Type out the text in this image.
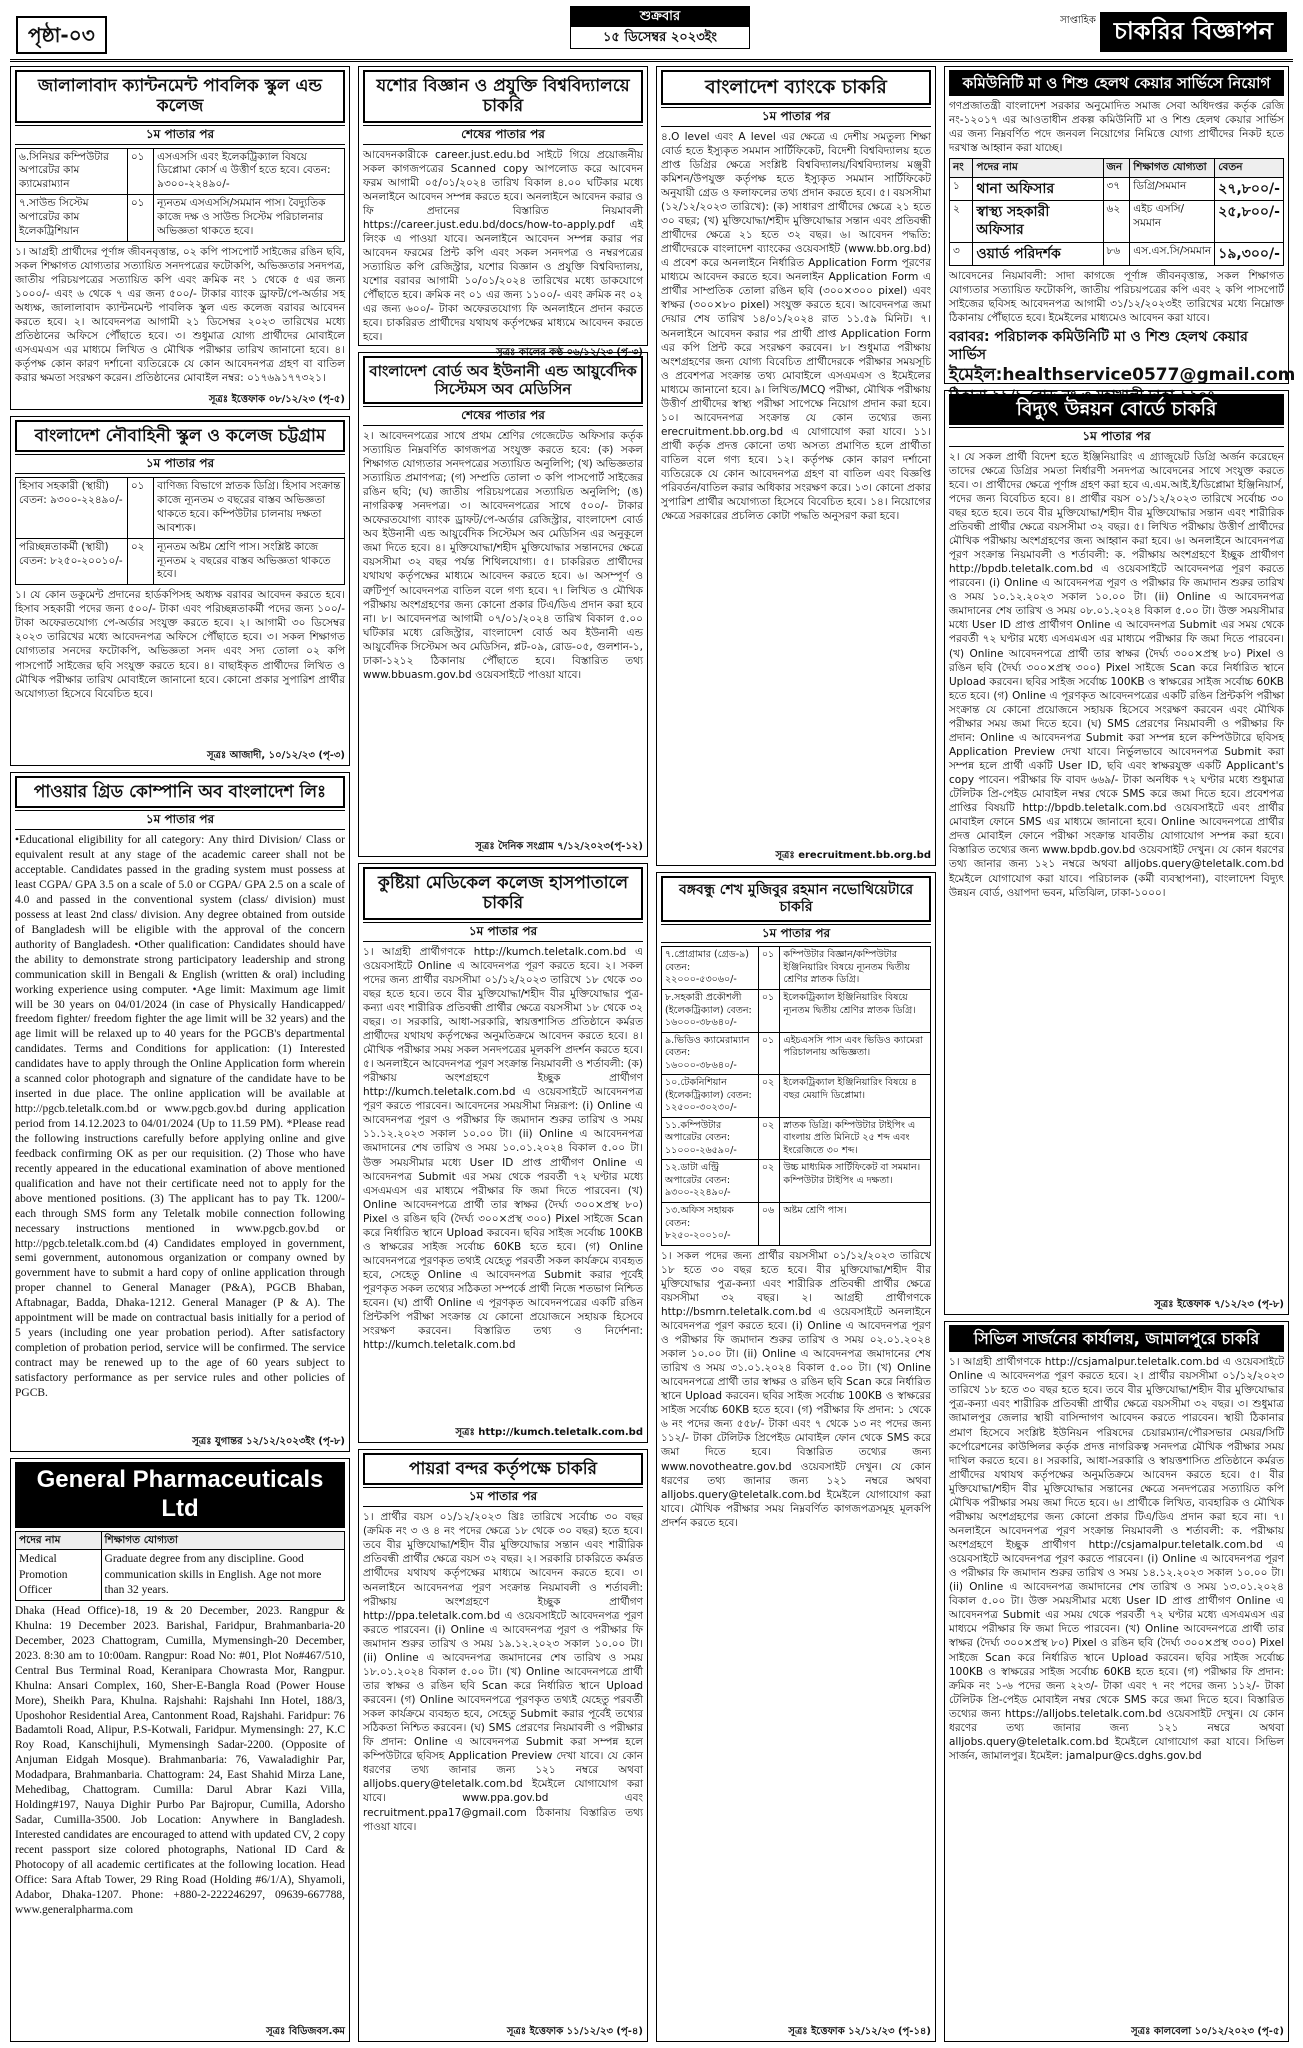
পৃষ্ঠা-০৩
শুক্রবার
১৫ ডিসেম্বর ২০২৩ইং
সাপ্তাহিক চাকরির বিজ্ঞাপন
জালালাবাদ ক্যান্টনমেন্ট পাবলিক স্কুল এন্ড কলেজ
১ম পাতার পর
৬.সিনিয়র কম্পিউটার অপারেটর কাম ক্যামেরাম্যান	০১	এসএসসি এবং ইলেকট্রিক্যাল বিষয়ে ডিপ্লোমা কোর্স এ উত্তীর্ণ হতে হবে। বেতন: ৯৩০০-২২৪৯০/-
৭.সাউন্ড সিস্টেম অপারেটর কাম ইলেকট্রিশিয়ান	০১	ন্যূনতম এসএসসি/সমমান পাস। বৈদ্যুতিক কাজে দক্ষ ও সাউন্ড সিস্টেম পরিচালনার অভিজ্ঞতা থাকতে হবে।
১। আগ্রহী প্রার্থীদের পূর্ণাঙ্গ জীবনবৃত্তান্ত, ০২ কপি পাসপোর্ট সাইজের রঙিন ছবি, সকল শিক্ষাগত যোগ্যতার সত্যায়িত সনদপত্রের ফটোকপি, অভিজ্ঞতার সনদপত্র, জাতীয় পরিচয়পত্রের সত্যায়িত কপি এবং ক্রমিক নং ১ থেকে ৫ এর জন্য ১০০০/- এবং ৬ থেকে ৭ এর জন্য ৫০০/- টাকার ব্যাংক ড্রাফট/পে-অর্ডার সহ অধ্যক্ষ, জালালাবাদ ক্যান্টনমেন্ট পাবলিক স্কুল এন্ড কলেজ বরাবর আবেদন করতে হবে। ২। আবেদনপত্র আগামী ২১ ডিসেম্বর ২০২৩ তারিখের মধ্যে প্রতিষ্ঠানের অফিসে পৌঁছাতে হবে। ৩। শুধুমাত্র যোগ্য প্রার্থীদের মোবাইলে এসএমএস এর মাধ্যমে লিখিত ও মৌখিক পরীক্ষার তারিখ জানানো হবে। ৪। কর্তৃপক্ষ কোন কারণ দর্শানো ব্যতিরেকে যে কোন আবেদনপত্র গ্রহণ বা বাতিল করার ক্ষমতা সংরক্ষণ করেন। প্রতিষ্ঠানের মোবাইল নম্বর: ০১৭৬৯১৭৭৩২১।
সূত্রঃ ইত্তেফাক ০৮/১২/২৩ (পৃ-৫)
বাংলাদেশ নৌবাহিনী স্কুল ও কলেজ চট্টগ্রাম
১ম পাতার পর
হিসাব সহকারী (স্থায়ী) বেতন: ৯৩০০-২২৪৯০/-	০১	বাণিজ্য বিভাগে স্নাতক ডিগ্রি। হিসাব সংক্রান্ত কাজে ন্যূনতম ৩ বছরের বাস্তব অভিজ্ঞতা থাকতে হবে। কম্পিউটার চালনায় দক্ষতা আবশ্যক।
পরিচ্ছন্নতাকর্মী (স্থায়ী) বেতন: ৮২৫০-২০০১০/-	০২	ন্যূনতম অষ্টম শ্রেণি পাস। সংশ্লিষ্ট কাজে ন্যূনতম ২ বছরের বাস্তব অভিজ্ঞতা থাকতে হবে।
১। যে কোন ডকুমেন্ট প্রদানের হার্ডকপিসহ অধ্যক্ষ বরাবর আবেদন করতে হবে। হিসাব সহকারী পদের জন্য ৫০০/- টাকা এবং পরিচ্ছন্নতাকর্মী পদের জন্য ১০০/- টাকা অফেরতযোগ্য পে-অর্ডার সংযুক্ত করতে হবে। ২। আগামী ৩০ ডিসেম্বর ২০২৩ তারিখের মধ্যে আবেদনপত্র অফিসে পৌঁছাতে হবে। ৩। সকল শিক্ষাগত যোগ্যতার সনদের ফটোকপি, অভিজ্ঞতা সনদ এবং সদ্য তোলা ০২ কপি পাসপোর্ট সাইজের ছবি সংযুক্ত করতে হবে। ৪। বাছাইকৃত প্রার্থীদের লিখিত ও মৌখিক পরীক্ষার তারিখ মোবাইলে জানানো হবে। কোনো প্রকার সুপারিশ প্রার্থীর অযোগ্যতা হিসেবে বিবেচিত হবে।
সূত্রঃ আজাদী, ১০/১২/২৩ (পৃ-৩)
পাওয়ার গ্রিড কোম্পানি অব বাংলাদেশ লিঃ
১ম পাতার পর
•Educational eligibility for all category: Any third Division/ Class or equivalent result at any stage of the academic career shall not be acceptable. Candidates passed in the grading system must possess at least CGPA/ GPA 3.5 on a scale of 5.0 or CGPA/ GPA 2.5 on a scale of 4.0 and passed in the conventional system (class/ division) must possess at least 2nd class/ division. Any degree obtained from outside of Bangladesh will be eligible with the approval of the concern authority of Bangladesh. •Other qualification: Candidates should have the ability to demonstrate strong participatory leadership and strong communication skill in Bengali & English (written & oral) including working experience using computer. •Age limit: Maximum age limit will be 30 years on 04/01/2024 (in case of Physically Handicapped/ freedom fighter/ freedom fighter the age limit will be 32 years) and the age limit will be relaxed up to 40 years for the PGCB's departmental candidates. Terms and Conditions for application: (1) Interested candidates have to apply through the Online Application form wherein a scanned color photograph and signature of the candidate have to be inserted in due place. The online application will be available at http://pgcb.teletalk.com.bd or www.pgcb.gov.bd during application period from 14.12.2023 to 04/01/2024 (Up to 11.59 PM). *Please read the following instructions carefully before applying online and give feedback confirming OK as per our requisition. (2) Those who have recently appeared in the educational examination of above mentioned qualification and have not their certificate need not to apply for the above mentioned positions. (3) The applicant has to pay Tk. 1200/- each through SMS form any Teletalk mobile connection following necessary instructions mentioned in www.pgcb.gov.bd or http://pgcb.teletalk.com.bd (4) Candidates employed in government, semi government, autonomous organization or company owned by government have to submit a hard copy of online application through proper channel to General Manager (P&A), PGCB Bhaban, Aftabnagar, Badda, Dhaka-1212. General Manager (P & A). The appointment will be made on contractual basis initially for a period of 5 years (including one year probation period). After satisfactory completion of probation period, service will be confirmed. The service contract may be renewed up to the age of 60 years subject to satisfactory performance as per service rules and other policies of PGCB.
সূত্রঃ যুগান্তর ১২/১২/২০২৩ইং (পৃ-৮)
General Pharmaceuticals Ltd
পদের নাম	শিক্ষাগত যোগ্যতা
Medical Promotion Officer	Graduate degree from any discipline. Good communication skills in English. Age not more than 32 years.
Dhaka (Head Office)-18, 19 & 20 December, 2023. Rangpur & Khulna: 19 December 2023. Barishal, Faridpur, Brahmanbaria-20 December, 2023 Chattogram, Cumilla, Mymensingh-20 December, 2023. 8:30 am to 10:00am. Rangpur: Road No: #01, Plot No#467/510, Central Bus Terminal Road, Keranipara Chowrasta Mor, Rangpur. Khulna: Ansari Complex, 160, Sher-E-Bangla Road (Power House More), Sheikh Para, Khulna. Rajshahi: Rajshahi Inn Hotel, 188/3, Uposhohor Residential Area, Cantonment Road, Rajshahi. Faridpur: 76 Badamtoli Road, Alipur, P.S-Kotwali, Faridpur. Mymensingh: 27, K.C Roy Road, Kanschijhuli, Mymensingh Sadar-2200. (Opposite of Anjuman Eidgah Mosque). Brahmanbaria: 76, Vawaladighir Par, Modadpara, Brahmanbaria. Chattogram: 24, East Shahid Mirza Lane, Mehedibag, Chattogram. Cumilla: Darul Abrar Kazi Villa, Holding#197, Nauya Dighir Purbo Par Bajropur, Cumilla, Adorsho Sadar, Cumilla-3500. Job Location: Anywhere in Bangladesh. Interested candidates are encouraged to attend with updated CV, 2 copy recent passport size colored photographs, National ID Card & Photocopy of all academic certificates at the following location. Head Office: Sara Aftab Tower, 29 Ring Road (Holding #6/1/A), Shyamoli, Adabor, Dhaka-1207. Phone: +880-2-222246297, 09639-667788, www.generalpharma.com
সূত্রঃ বিডিজবস.কম
যশোর বিজ্ঞান ও প্রযুক্তি বিশ্ববিদ্যালয়ে চাকরি
শেষের পাতার পর
আবেদনকারীকে career.just.edu.bd সাইটে গিয়ে প্রয়োজনীয় সকল কাগজপত্রের Scanned copy আপলোড করে আবেদন ফরম আগামী ০৫/০১/২০২৪ তারিখ বিকাল ৪.০০ ঘটিকার মধ্যে অনলাইনে আবেদন সম্পন্ন করতে হবে। অনলাইনে আবেদন করার ও ফি প্রদানের বিস্তারিত নিয়মাবলী https://career.just.edu.bd/docs/how-to-apply.pdf এই লিংক এ পাওয়া যাবে। অনলাইনে আবেদন সম্পন্ন করার পর আবেদন ফরমের প্রিন্ট কপি এবং সকল সনদপত্র ও নম্বরপত্রের সত্যায়িত কপি রেজিস্ট্রার, যশোর বিজ্ঞান ও প্রযুক্তি বিশ্ববিদ্যালয়, যশোর বরাবর আগামী ১০/০১/২০২৪ তারিখের মধ্যে ডাকযোগে পৌঁছাতে হবে। ক্রমিক নং ০১ এর জন্য ১১০০/- এবং ক্রমিক নং ০২ এর জন্য ৬০০/- টাকা অফেরতযোগ্য ফি অনলাইনে প্রদান করতে হবে। চাকরিরত প্রার্থীদের যথাযথ কর্তৃপক্ষের মাধ্যমে আবেদন করতে হবে।
সূত্রঃ কালের কণ্ঠ ০৬/১২/২৩ (পৃ-৩)
বাংলাদেশ বোর্ড অব ইউনানী এন্ড আয়ুর্বেদিক সিস্টেমস অব মেডিসিন
শেষের পাতার পর
২। আবেদনপত্রের সাথে প্রথম শ্রেণির গেজেটেড অফিসার কর্তৃক সত্যায়িত নিম্নবর্ণিত কাগজপত্র সংযুক্ত করতে হবে: (ক) সকল শিক্ষাগত যোগ্যতার সনদপত্রের সত্যায়িত অনুলিপি; (খ) অভিজ্ঞতার সত্যায়িত প্রমাণপত্র; (গ) সম্প্রতি তোলা ৩ কপি পাসপোর্ট সাইজের রঙিন ছবি; (ঘ) জাতীয় পরিচয়পত্রের সত্যায়িত অনুলিপি; (ঙ) নাগরিকত্ব সনদপত্র। ৩। আবেদনপত্রের সাথে ৫০০/- টাকার অফেরতযোগ্য ব্যাংক ড্রাফট/পে-অর্ডার রেজিস্ট্রার, বাংলাদেশ বোর্ড অব ইউনানী এন্ড আয়ুর্বেদিক সিস্টেমস অব মেডিসিন এর অনুকূলে জমা দিতে হবে। ৪। মুক্তিযোদ্ধা/শহীদ মুক্তিযোদ্ধার সন্তানদের ক্ষেত্রে বয়সসীমা ৩২ বছর পর্যন্ত শিথিলযোগ্য। ৫। চাকরিরত প্রার্থীদের যথাযথ কর্তৃপক্ষের মাধ্যমে আবেদন করতে হবে। ৬। অসম্পূর্ণ ও ত্রুটিপূর্ণ আবেদনপত্র বাতিল বলে গণ্য হবে। ৭। লিখিত ও মৌখিক পরীক্ষায় অংশগ্রহণের জন্য কোনো প্রকার টিএ/ডিএ প্রদান করা হবে না। ৮। আবেদনপত্র আগামী ০৭/০১/২০২৪ তারিখ বিকাল ৫.০০ ঘটিকার মধ্যে রেজিস্ট্রার, বাংলাদেশ বোর্ড অব ইউনানী এন্ড আয়ুর্বেদিক সিস্টেমস অব মেডিসিন, প্লট-০৯, রোড-০৫, গুলশান-১, ঢাকা-১২১২ ঠিকানায় পৌঁছাতে হবে। বিস্তারিত তথ্য www.bbuasm.gov.bd ওয়েবসাইটে পাওয়া যাবে।
সূত্রঃ দৈনিক সংগ্রাম ৭/১২/২০২৩(পৃ-১২)
কুষ্টিয়া মেডিকেল কলেজ হাসপাতালে চাকরি
১ম পাতার পর
১। আগ্রহী প্রার্থীগণকে http://kumch.teletalk.com.bd এ ওয়েবসাইটে Online এ আবেদনপত্র পূরণ করতে হবে। ২। সকল পদের জন্য প্রার্থীর বয়সসীমা ০১/১২/২০২৩ তারিখে ১৮ থেকে ৩০ বছর হতে হবে। তবে বীর মুক্তিযোদ্ধা/শহীদ বীর মুক্তিযোদ্ধার পুত্র-কন্যা এবং শারীরিক প্রতিবন্ধী প্রার্থীর ক্ষেত্রে বয়সসীমা ১৮ থেকে ৩২ বছর। ৩। সরকারি, আধা-সরকারি, স্বায়ত্তশাসিত প্রতিষ্ঠানে কর্মরত প্রার্থীদের যথাযথ কর্তৃপক্ষের অনুমতিক্রমে আবেদন করতে হবে। ৪। মৌখিক পরীক্ষার সময় সকল সনদপত্রের মূলকপি প্রদর্শন করতে হবে। ৫। অনলাইনে আবেদনপত্র পূরণ সংক্রান্ত নিয়মাবলী ও শর্তাবলী: (ক) পরীক্ষায় অংশগ্রহণে ইচ্ছুক প্রার্থীগণ http://kumch.teletalk.com.bd এ ওয়েবসাইটে আবেদনপত্র পূরণ করতে পারবেন। আবেদনের সময়সীমা নিম্নরূপ: (i) Online এ আবেদনপত্র পূরণ ও পরীক্ষার ফি জমাদান শুরুর তারিখ ও সময় ১১.১২.২০২৩ সকাল ১০.০০ টা। (ii) Online এ আবেদনপত্র জমাদানের শেষ তারিখ ও সময় ১০.০১.২০২৪ বিকাল ৫.০০ টা। উক্ত সময়সীমার মধ্যে User ID প্রাপ্ত প্রার্থীগণ Online এ আবেদনপত্র Submit এর সময় থেকে পরবর্তী ৭২ ঘণ্টার মধ্যে এসএমএস এর মাধ্যমে পরীক্ষার ফি জমা দিতে পারবেন। (খ) Online আবেদনপত্রে প্রার্থী তার স্বাক্ষর (দৈর্ঘ্য ৩০০×প্রস্থ ৮০) Pixel ও রঙিন ছবি (দৈর্ঘ্য ৩০০×প্রস্থ ৩০০) Pixel সাইজে Scan করে নির্ধারিত স্থানে Upload করবেন। ছবির সাইজ সর্বোচ্চ 100KB ও স্বাক্ষরের সাইজ সর্বোচ্চ 60KB হতে হবে। (গ) Online আবেদনপত্রে পূরণকৃত তথ্যই যেহেতু পরবর্তী সকল কার্যক্রমে ব্যবহৃত হবে, সেহেতু Online এ আবেদনপত্র Submit করার পূর্বেই পূরণকৃত সকল তথ্যের সঠিকতা সম্পর্কে প্রার্থী নিজে শতভাগ নিশ্চিত হবেন। (ঘ) প্রার্থী Online এ পূরণকৃত আবেদনপত্রের একটি রঙিন প্রিন্টকপি পরীক্ষা সংক্রান্ত যে কোনো প্রয়োজনে সহায়ক হিসেবে সংরক্ষণ করবেন। বিস্তারিত তথ্য ও নির্দেশনা: http://kumch.teletalk.com.bd
সূত্রঃ http://kumch.teletalk.com.bd
পায়রা বন্দর কর্তৃপক্ষে চাকরি
১ম পাতার পর
১। প্রার্থীর বয়স ০১/১২/২০২৩ খ্রিঃ তারিখে সর্বোচ্চ ৩০ বছর (ক্রমিক নং ৩ ও ৪ নং পদের ক্ষেত্রে ১৮ থেকে ৩০ বছর) হতে হবে। তবে বীর মুক্তিযোদ্ধা/শহীদ বীর মুক্তিযোদ্ধার সন্তান এবং শারীরিক প্রতিবন্ধী প্রার্থীর ক্ষেত্রে বয়স ৩২ বছর। ২। সরকারি চাকরিতে কর্মরত প্রার্থীদের যথাযথ কর্তৃপক্ষের মাধ্যমে আবেদন করতে হবে। ৩। অনলাইনে আবেদনপত্র পূরণ সংক্রান্ত নিয়মাবলী ও শর্তাবলী: পরীক্ষায় অংশগ্রহণে ইচ্ছুক প্রার্থীগণ http://ppa.teletalk.com.bd এ ওয়েবসাইটে আবেদনপত্র পূরণ করতে পারবেন। (i) Online এ আবেদনপত্র পূরণ ও পরীক্ষার ফি জমাদান শুরুর তারিখ ও সময় ১৯.১২.২০২৩ সকাল ১০.০০ টা। (ii) Online এ আবেদনপত্র জমাদানের শেষ তারিখ ও সময় ১৮.০১.২০২৪ বিকাল ৫.০০ টা। (খ) Online আবেদনপত্রে প্রার্থী তার স্বাক্ষর ও রঙিন ছবি Scan করে নির্ধারিত স্থানে Upload করবেন। (গ) Online আবেদনপত্রে পূরণকৃত তথ্যই যেহেতু পরবর্তী সকল কার্যক্রমে ব্যবহৃত হবে, সেহেতু Submit করার পূর্বেই তথ্যের সঠিকতা নিশ্চিত করবেন। (ঘ) SMS প্রেরণের নিয়মাবলী ও পরীক্ষার ফি প্রদান: Online এ আবেদনপত্র Submit করা সম্পন্ন হলে কম্পিউটারে ছবিসহ Application Preview দেখা যাবে। যে কোন ধরণের তথ্য জানার জন্য ১২১ নম্বরে অথবা alljobs.query@teletalk.com.bd ইমেইলে যোগাযোগ করা যাবে। www.ppa.gov.bd এবং recruitment.ppa17@gmail.com ঠিকানায় বিস্তারিত তথ্য পাওয়া যাবে।
সূত্রঃ ইত্তেফাক ১১/১২/২৩ (পৃ-৪)
বাংলাদেশ ব্যাংকে চাকরি
১ম পাতার পর
৪.O level এবং A level এর ক্ষেত্রে এ দেশীয় সমতুল্য শিক্ষা বোর্ড হতে ইস্যুকৃত সমমান সার্টিফিকেট, বিদেশী বিশ্ববিদ্যালয় হতে প্রাপ্ত ডিগ্রির ক্ষেত্রে সংশ্লিষ্ট বিশ্ববিদ্যালয়/বিশ্ববিদ্যালয় মঞ্জুরী কমিশন/উপযুক্ত কর্তৃপক্ষ হতে ইস্যুকৃত সমমান সার্টিফিকেট অনুযায়ী গ্রেড ও ফলাফলের তথ্য প্রদান করতে হবে। ৫। বয়সসীমা (১২/১২/২০২৩ তারিখে): (ক) সাধারণ প্রার্থীদের ক্ষেত্রে ২১ হতে ৩০ বছর; (খ) মুক্তিযোদ্ধা/শহীদ মুক্তিযোদ্ধার সন্তান এবং প্রতিবন্ধী প্রার্থীদের ক্ষেত্রে ২১ হতে ৩২ বছর। ৬। আবেদন পদ্ধতি: প্রার্থীদেরকে বাংলাদেশ ব্যাংকের ওয়েবসাইট (www.bb.org.bd) এ প্রবেশ করে অনলাইনে নির্ধারিত Application Form পূরণের মাধ্যমে আবেদন করতে হবে। অনলাইন Application Form এ প্রার্থীর সাম্প্রতিক তোলা রঙিন ছবি (৩০০×৩০০ pixel) এবং স্বাক্ষর (৩০০×৮০ pixel) সংযুক্ত করতে হবে। আবেদনপত্র জমা দেয়ার শেষ তারিখ ১৪/০১/২০২৪ রাত ১১.৫৯ মিনিট। ৭। অনলাইনে আবেদন করার পর প্রার্থী প্রাপ্ত Application Form এর কপি প্রিন্ট করে সংরক্ষণ করবেন। ৮। শুধুমাত্র পরীক্ষায় অংশগ্রহণের জন্য যোগ্য বিবেচিত প্রার্থীদেরকে পরীক্ষার সময়সূচি ও প্রবেশপত্র সংক্রান্ত তথ্য মোবাইলে এসএমএস ও ইমেইলের মাধ্যমে জানানো হবে। ৯। লিখিত/MCQ পরীক্ষা, মৌখিক পরীক্ষায় উত্তীর্ণ প্রার্থীদের স্বাস্থ্য পরীক্ষা সাপেক্ষে নিয়োগ প্রদান করা হবে। ১০। আবেদনপত্র সংক্রান্ত যে কোন তথ্যের জন্য erecruitment.bb.org.bd এ যোগাযোগ করা যাবে। ১১। প্রার্থী কর্তৃক প্রদত্ত কোনো তথ্য অসত্য প্রমাণিত হলে প্রার্থীতা বাতিল বলে গণ্য হবে। ১২। কর্তৃপক্ষ কোন কারণ দর্শানো ব্যতিরেকে যে কোন আবেদনপত্র গ্রহণ বা বাতিল এবং বিজ্ঞপ্তি পরিবর্তন/বাতিল করার অধিকার সংরক্ষণ করে। ১৩। কোনো প্রকার সুপারিশ প্রার্থীর অযোগ্যতা হিসেবে বিবেচিত হবে। ১৪। নিয়োগের ক্ষেত্রে সরকারের প্রচলিত কোটা পদ্ধতি অনুসরণ করা হবে।
সূত্রঃ erecruitment.bb.org.bd
বঙ্গবন্ধু শেখ মুজিবুর রহমান নভোথিয়েটারে চাকরি
১ম পাতার পর
৭.প্রোগ্রামার (গ্রেড-৯) বেতন: ২২০০০-৫৩০৬০/-	০১	কম্পিউটার বিজ্ঞান/কম্পিউটার ইঞ্জিনিয়ারিং বিষয়ে ন্যূনতম দ্বিতীয় শ্রেণির স্নাতক ডিগ্রি।
৮.সহকারী প্রকৌশলী (ইলেকট্রিক্যাল) বেতন: ১৬০০০-৩৮৬৪০/-	০১	ইলেকট্রিক্যাল ইঞ্জিনিয়ারিং বিষয়ে ন্যূনতম দ্বিতীয় শ্রেণির স্নাতক ডিগ্রি।
৯.ভিডিও ক্যামেরাম্যান বেতন: ১৬০০০-৩৮৬৪০/-	০১	এইচএসসি পাস এবং ভিডিও ক্যামেরা পরিচালনায় অভিজ্ঞতা।
১০.টেকনিশিয়ান (ইলেকট্রিক্যাল) বেতন: ১২৫০০-৩০২৩০/-	০২	ইলেকট্রিক্যাল ইঞ্জিনিয়ারিং বিষয়ে ৪ বছর মেয়াদি ডিপ্লোমা।
১১.কম্পিউটার অপারেটর বেতন: ১১০০০-২৬৫৯০/-	০২	স্নাতক ডিগ্রি। কম্পিউটার টাইপিং এ বাংলায় প্রতি মিনিটে ২৫ শব্দ এবং ইংরেজিতে ৩০ শব্দ।
১২.ডাটা এন্ট্রি অপারেটর বেতন: ৯৩০০-২২৪৯০/-	০২	উচ্চ মাধ্যমিক সার্টিফিকেট বা সমমান। কম্পিউটার টাইপিং এ দক্ষতা।
১৩.অফিস সহায়ক বেতন: ৮২৫০-২০০১০/-	০৬	অষ্টম শ্রেণি পাস।
১। সকল পদের জন্য প্রার্থীর বয়সসীমা ০১/১২/২০২৩ তারিখে ১৮ হতে ৩০ বছর হতে হবে। বীর মুক্তিযোদ্ধা/শহীদ বীর মুক্তিযোদ্ধার পুত্র-কন্যা এবং শারীরিক প্রতিবন্ধী প্রার্থীর ক্ষেত্রে বয়সসীমা ৩২ বছর। ২। আগ্রহী প্রার্থীগণকে http://bsmrn.teletalk.com.bd এ ওয়েবসাইটে অনলাইনে আবেদনপত্র পূরণ করতে হবে। (i) Online এ আবেদনপত্র পূরণ ও পরীক্ষার ফি জমাদান শুরুর তারিখ ও সময় ০২.০১.২০২৪ সকাল ১০.০০ টা। (ii) Online এ আবেদনপত্র জমাদানের শেষ তারিখ ও সময় ৩১.০১.২০২৪ বিকাল ৫.০০ টা। (খ) Online আবেদনপত্রে প্রার্থী তার স্বাক্ষর ও রঙিন ছবি Scan করে নির্ধারিত স্থানে Upload করবেন। ছবির সাইজ সর্বোচ্চ 100KB ও স্বাক্ষরের সাইজ সর্বোচ্চ 60KB হতে হবে। (গ) পরীক্ষার ফি প্রদান: ১ থেকে ৬ নং পদের জন্য ৫৫৮/- টাকা এবং ৭ থেকে ১৩ নং পদের জন্য ১১২/- টাকা টেলিটক প্রিপেইড মোবাইল ফোন থেকে SMS করে জমা দিতে হবে। বিস্তারিত তথ্যের জন্য www.novotheatre.gov.bd ওয়েবসাইট দেখুন। যে কোন ধরণের তথ্য জানার জন্য ১২১ নম্বরে অথবা alljobs.query@teletalk.com.bd ইমেইলে যোগাযোগ করা যাবে। মৌখিক পরীক্ষার সময় নিম্নবর্ণিত কাগজপত্রসমূহ মূলকপি প্রদর্শন করতে হবে।
সূত্রঃ ইত্তেফাক ১২/১২/২৩ (পৃ-১৪)
কমিউনিটি মা ও শিশু হেলথ কেয়ার সার্ভিসে নিয়োগ
গণপ্রজাতন্ত্রী বাংলাদেশ সরকার অনুমোদিত সমাজ সেবা অধিদপ্তর কর্তৃক রেজি নং-১২০১৭ এর আওতাধীন প্রকল্প কমিউনিটি মা ও শিশু হেলথ কেয়ার সার্ভিস এর জন্য নিম্নবর্ণিত পদে জনবল নিয়োগের নিমিত্তে যোগ্য প্রার্থীদের নিকট হতে দরখাস্ত আহ্বান করা যাচ্ছে।
নং	পদের নাম	জন	শিক্ষাগত যোগ্যতা	বেতন
১	থানা অফিসার	৩৭	ডিগ্রি/সমমান	২৭,৮০০/-
২	স্বাস্থ্য সহকারী অফিসার	৬২	এইচ এসসি/সমমান	২৫,৮০০/-
৩	ওয়ার্ড পরিদর্শক	৮৬	এস.এস.সি/সমমান	১৯,৩০০/-
আবেদনের নিয়মাবলী: সাদা কাগজে পূর্ণাঙ্গ জীবনবৃত্তান্ত, সকল শিক্ষাগত যোগ্যতার সত্যায়িত ফটোকপি, জাতীয় পরিচয়পত্রের কপি এবং ২ কপি পাসপোর্ট সাইজের ছবিসহ আবেদনপত্র আগামী ৩১/১২/২০২৩ইং তারিখের মধ্যে নিম্নোক্ত ঠিকানায় পৌঁছাতে হবে। ইমেইলের মাধ্যমেও আবেদন করা যাবে।
বরাবর: পরিচালক কমিউনিটি মা ও শিশু হেলথ কেয়ার সার্ভিস
ইমেইল:healthservice0577@gmail.com
বিদ্যুৎ উন্নয়ন বোর্ডে চাকরি
১ম পাতার পর
২। যে সকল প্রার্থী বিদেশ হতে ইঞ্জিনিয়ারিং এ গ্র্যাজুয়েট ডিগ্রি অর্জন করেছেন তাদের ক্ষেত্রে ডিগ্রির সমতা নির্ধারণী সনদপত্র আবেদনের সাথে সংযুক্ত করতে হবে। ৩। প্রার্থীদের ক্ষেত্রে পূর্ণাঙ্গ গ্রহণ করা হবে এ.এম.আই.ই/ডিপ্লোমা ইঞ্জিনিয়ার্স, পদের জন্য বিবেচিত হবে। ৪। প্রার্থীর বয়স ০১/১২/২০২৩ তারিখে সর্বোচ্চ ৩০ বছর হতে হবে। তবে বীর মুক্তিযোদ্ধা/শহীদ বীর মুক্তিযোদ্ধার সন্তান এবং শারীরিক প্রতিবন্ধী প্রার্থীর ক্ষেত্রে বয়সসীমা ৩২ বছর। ৫। লিখিত পরীক্ষায় উত্তীর্ণ প্রার্থীদের মৌখিক পরীক্ষায় অংশগ্রহণের জন্য আহ্বান করা হবে। ৬। অনলাইনে আবেদনপত্র পূরণ সংক্রান্ত নিয়মাবলী ও শর্তাবলী: ক. পরীক্ষায় অংশগ্রহণে ইচ্ছুক প্রার্থীগণ http://bpdb.teletalk.com.bd এ ওয়েবসাইটে আবেদনপত্র পূরণ করতে পারবেন। (i) Online এ আবেদনপত্র পূরণ ও পরীক্ষার ফি জমাদান শুরুর তারিখ ও সময় ১০.১২.২০২৩ সকাল ১০.০০ টা। (ii) Online এ আবেদনপত্র জমাদানের শেষ তারিখ ও সময় ০৮.০১.২০২৪ বিকাল ৫.০০ টা। উক্ত সময়সীমার মধ্যে User ID প্রাপ্ত প্রার্থীগণ Online এ আবেদনপত্র Submit এর সময় থেকে পরবর্তী ৭২ ঘণ্টার মধ্যে এসএমএস এর মাধ্যমে পরীক্ষার ফি জমা দিতে পারবেন। (খ) Online আবেদনপত্রে প্রার্থী তার স্বাক্ষর (দৈর্ঘ্য ৩০০×প্রস্থ ৮০) Pixel ও রঙিন ছবি (দৈর্ঘ্য ৩০০×প্রস্থ ৩০০) Pixel সাইজে Scan করে নির্ধারিত স্থানে Upload করবেন। ছবির সাইজ সর্বোচ্চ 100KB ও স্বাক্ষরের সাইজ সর্বোচ্চ 60KB হতে হবে। (গ) Online এ পূরণকৃত আবেদনপত্রের একটি রঙিন প্রিন্টকপি পরীক্ষা সংক্রান্ত যে কোনো প্রয়োজনে সহায়ক হিসেবে সংরক্ষণ করবেন এবং মৌখিক পরীক্ষার সময় জমা দিতে হবে। (ঘ) SMS প্রেরণের নিয়মাবলী ও পরীক্ষার ফি প্রদান: Online এ আবেদনপত্র Submit করা সম্পন্ন হলে কম্পিউটারে ছবিসহ Application Preview দেখা যাবে। নির্ভুলভাবে আবেদনপত্র Submit করা সম্পন্ন হলে প্রার্থী একটি User ID, ছবি এবং স্বাক্ষরযুক্ত একটি Applicant's copy পাবেন। পরীক্ষার ফি বাবদ ৬৬৯/- টাকা অনধিক ৭২ ঘণ্টার মধ্যে শুধুমাত্র টেলিটক প্রি-পেইড মোবাইল নম্বর থেকে SMS করে জমা দিতে হবে। প্রবেশপত্র প্রাপ্তির বিষয়টি http://bpdb.teletalk.com.bd ওয়েবসাইটে এবং প্রার্থীর মোবাইল ফোনে SMS এর মাধ্যমে জানানো হবে। Online আবেদনপত্রে প্রার্থীর প্রদত্ত মোবাইল ফোনে পরীক্ষা সংক্রান্ত যাবতীয় যোগাযোগ সম্পন্ন করা হবে। বিস্তারিত তথ্যের জন্য www.bpdb.gov.bd ওয়েবসাইট দেখুন। যে কোন ধরণের তথ্য জানার জন্য ১২১ নম্বরে অথবা alljobs.query@teletalk.com.bd ইমেইলে যোগাযোগ করা যাবে। পরিচালক (কর্মী ব্যবস্থাপনা), বাংলাদেশ বিদ্যুৎ উন্নয়ন বোর্ড, ওয়াপদা ভবন, মতিঝিল, ঢাকা-১০০০।
সূত্রঃ ইত্তেফাক ৭/১২/২৩ (পৃ-৮)
সিভিল সার্জনের কার্যালয়, জামালপুরে চাকরি
১। আগ্রহী প্রার্থীগণকে http://csjamalpur.teletalk.com.bd এ ওয়েবসাইটে Online এ আবেদনপত্র পূরণ করতে হবে। ২। প্রার্থীর বয়সসীমা ০১/১২/২০২৩ তারিখে ১৮ হতে ৩০ বছর হতে হবে। তবে বীর মুক্তিযোদ্ধা/শহীদ বীর মুক্তিযোদ্ধার পুত্র-কন্যা এবং শারীরিক প্রতিবন্ধী প্রার্থীর ক্ষেত্রে বয়সসীমা ৩২ বছর। ৩। শুধুমাত্র জামালপুর জেলার স্থায়ী বাসিন্দাগণ আবেদন করতে পারবেন। স্থায়ী ঠিকানার প্রমাণ হিসেবে সংশ্লিষ্ট ইউনিয়ন পরিষদের চেয়ারম্যান/পৌরসভার মেয়র/সিটি কর্পোরেশনের কাউন্সিলর কর্তৃক প্রদত্ত নাগরিকত্ব সনদপত্র মৌখিক পরীক্ষার সময় দাখিল করতে হবে। ৪। সরকারি, আধা-সরকারি ও স্বায়ত্তশাসিত প্রতিষ্ঠানে কর্মরত প্রার্থীদের যথাযথ কর্তৃপক্ষের অনুমতিক্রমে আবেদন করতে হবে। ৫। বীর মুক্তিযোদ্ধা/শহীদ বীর মুক্তিযোদ্ধার সন্তানের ক্ষেত্রে সনদপত্রের সত্যায়িত কপি মৌখিক পরীক্ষার সময় জমা দিতে হবে। ৬। প্রার্থীকে লিখিত, ব্যবহারিক ও মৌখিক পরীক্ষায় অংশগ্রহণের জন্য কোনো প্রকার টিএ/ডিএ প্রদান করা হবে না। ৭। অনলাইনে আবেদনপত্র পূরণ সংক্রান্ত নিয়মাবলী ও শর্তাবলী: ক. পরীক্ষায় অংশগ্রহণে ইচ্ছুক প্রার্থীগণ http://csjamalpur.teletalk.com.bd এ ওয়েবসাইটে আবেদনপত্র পূরণ করতে পারবেন। (i) Online এ আবেদনপত্র পূরণ ও পরীক্ষার ফি জমাদান শুরুর তারিখ ও সময় ১৪.১২.২০২৩ সকাল ১০.০০ টা। (ii) Online এ আবেদনপত্র জমাদানের শেষ তারিখ ও সময় ১৩.০১.২০২৪ বিকাল ৫.০০ টা। উক্ত সময়সীমার মধ্যে User ID প্রাপ্ত প্রার্থীগণ Online এ আবেদনপত্র Submit এর সময় থেকে পরবর্তী ৭২ ঘণ্টার মধ্যে এসএমএস এর মাধ্যমে পরীক্ষার ফি জমা দিতে পারবেন। (খ) Online আবেদনপত্রে প্রার্থী তার স্বাক্ষর (দৈর্ঘ্য ৩০০×প্রস্থ ৮০) Pixel ও রঙিন ছবি (দৈর্ঘ্য ৩০০×প্রস্থ ৩০০) Pixel সাইজে Scan করে নির্ধারিত স্থানে Upload করবেন। ছবির সাইজ সর্বোচ্চ 100KB ও স্বাক্ষরের সাইজ সর্বোচ্চ 60KB হতে হবে। (গ) পরীক্ষার ফি প্রদান: ক্রমিক নং ১-৬ পদের জন্য ২২৩/- টাকা এবং ৭ নং পদের জন্য ১১২/- টাকা টেলিটক প্রি-পেইড মোবাইল নম্বর থেকে SMS করে জমা দিতে হবে। বিস্তারিত তথ্যের জন্য https://alljobs.teletalk.com.bd ওয়েবসাইট দেখুন। যে কোন ধরণের তথ্য জানার জন্য ১২১ নম্বরে অথবা alljobs.query@teletalk.com.bd ইমেইলে যোগাযোগ করা যাবে। সিভিল সার্জন, জামালপুর। ইমেইল: jamalpur@cs.dghs.gov.bd
সূত্রঃ কালবেলা ১০/১২/২০২৩ (পৃ-৫)
